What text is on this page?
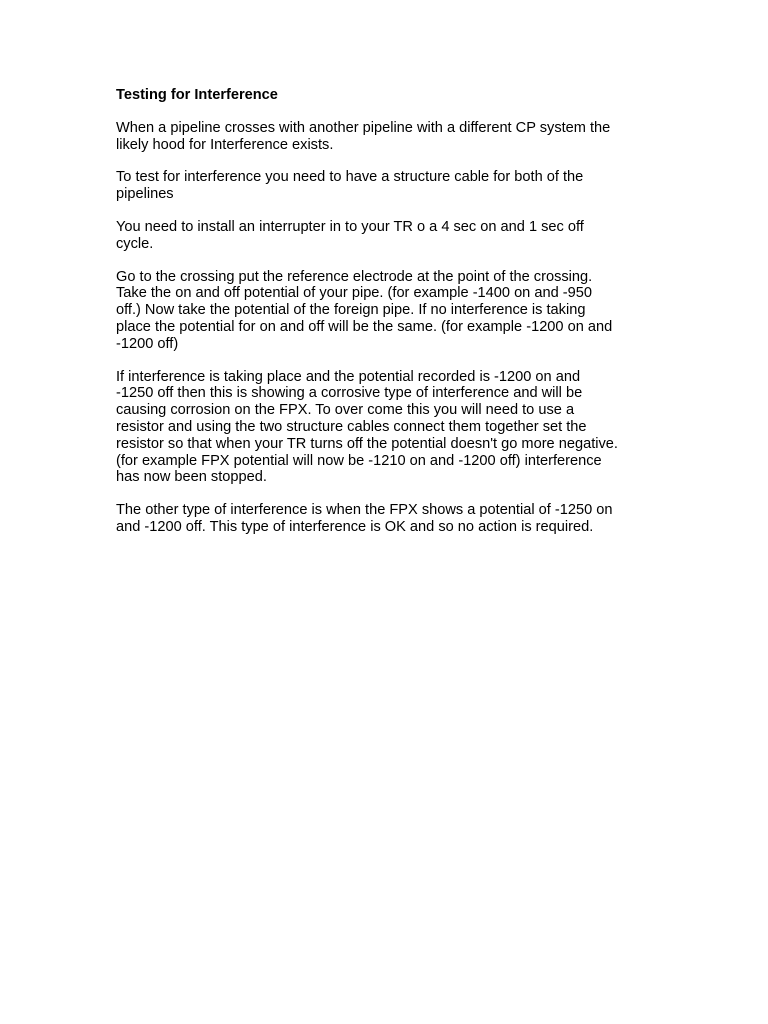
Testing for Interference
When a pipeline crosses with another pipeline with a different CP system the
likely hood for Interference exists.
To test for interference you need to have a structure cable for both of the
pipelines
You need to install an interrupter in to your TR o a 4 sec on and 1 sec off
cycle.
Go to the crossing put the reference electrode at the point of the crossing.
Take the on and off potential of your pipe. (for example -1400 on and -950
off.) Now take the potential of the foreign pipe. If no interference is taking
place the potential for on and off will be the same. (for example -1200 on and
-1200 off)
If interference is taking place and the potential recorded is -1200 on and
-1250 off then this is showing a corrosive type of interference and will be
causing corrosion on the FPX. To over come this you will need to use a
resistor and using the two structure cables connect them together set the
resistor so that when your TR turns off the potential doesn't go more negative.
(for example FPX potential will now be -1210 on and -1200 off) interference
has now been stopped.
The other type of interference is when the FPX shows a potential of -1250 on
and -1200 off. This type of interference is OK and so no action is required.
